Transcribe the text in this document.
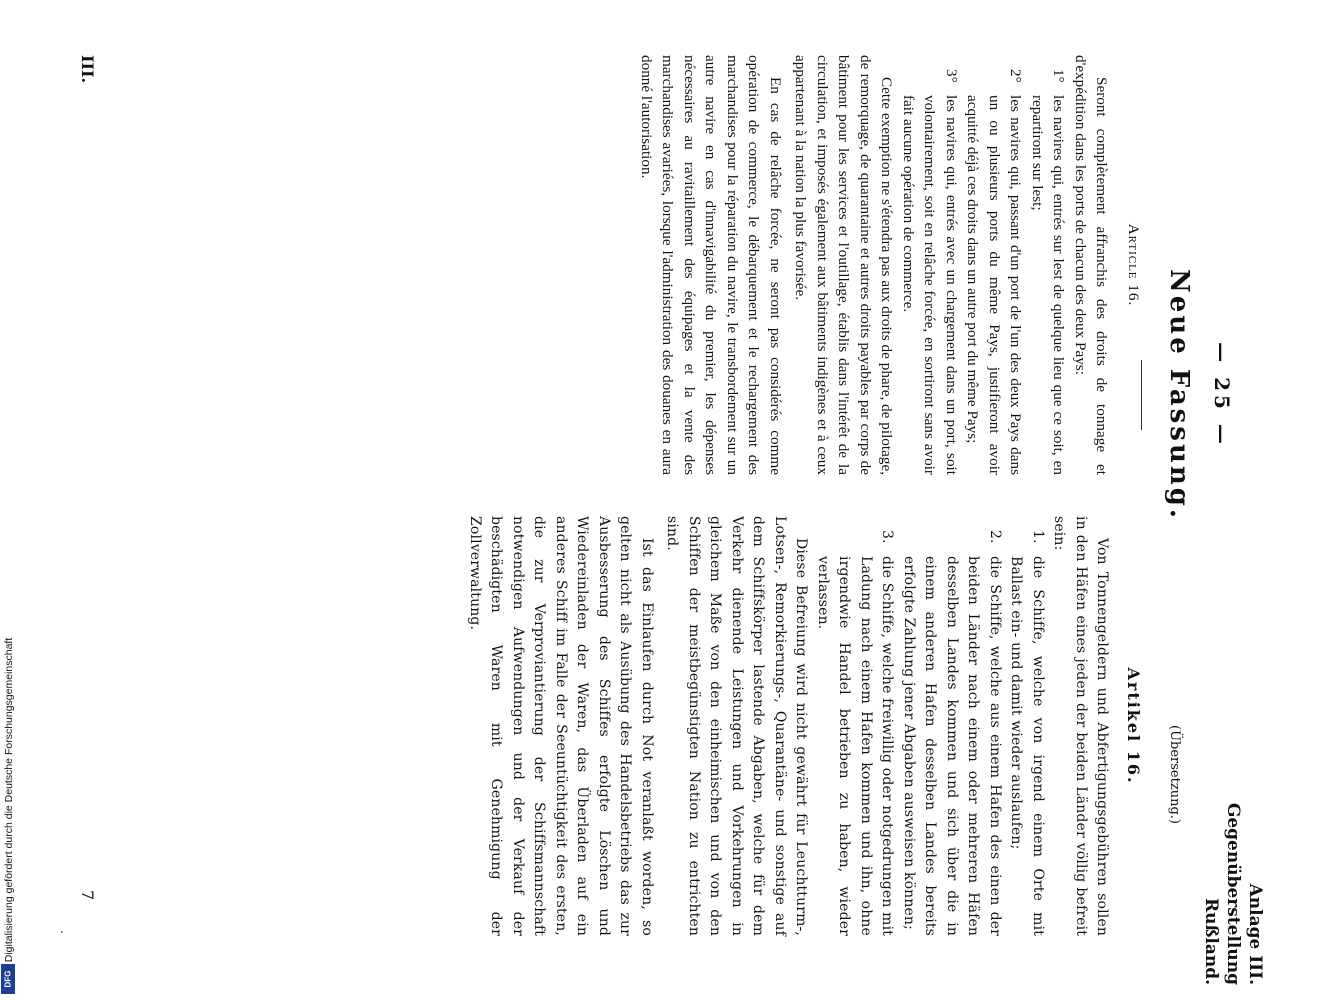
Anlage III.
Gegenüberstellung Rußland.
— 25 —
Neue Fassung.
(Übersetzung.)
Article 16.

Seront complètement affranchis des droits de tonnage et d'expédition dans les ports de chacun des deux Pays:

1°
les navires qui, entrés sur lest de quelque lieu que ce soit, en repartiront sur lest;
2°
les navires qui, passant d'un port de l'un des deux Pays dans un ou plusieurs ports du même Pays, justifieront avoir acquitté déjà ces droits dans un autre port du même Pays;
3°
les navires qui, entrés avec un chargement dans un port, soit volontairement, soit en relâche forcée, en sortiront sans avoir fait aucune opération de commerce.

Cette exemption ne s'étendra pas aux droits de phare, de pilotage, de remorquage, de quarantaine et autres droits payables par corps de bâtiment pour les services et l'outillage, établis dans l'intérêt de la circulation, et imposés également aux bâtiments indigènes et à ceux appartenant à la nation la plus favorisée.

En cas de relâche forcée, ne seront pas considérés comme opération de commerce, le débarquement et le rechargement des marchandises pour la réparation du navire, le transbordement sur un autre navire en cas d'innavigabilité du premier, les dépenses nécessaires au ravitaillement des équipages et la vente des marchandises avariées, lorsque l'administration des douanes en aura donné l'autorisation.

Artikel 16.

Von Tonnengeldern und Abfertigungsgebühren sollen in den Häfen eines jeden der beiden Länder völlig befreit sein:

1.
die Schiffe, welche von irgend einem Orte mit Ballast ein- und damit wieder auslaufen;
2.
die Schiffe, welche aus einem Hafen des einen der beiden Länder nach einem oder mehreren Häfen desselben Landes kommen und sich über die in einem anderen Hafen desselben Landes bereits erfolgte Zahlung jener Abgaben ausweisen können;
3.
die Schiffe, welche freiwillig oder notgedrungen mit Ladung nach einem Hafen kommen und ihn, ohne irgendwie Handel betrieben zu haben, wieder verlassen.

Diese Befreiung wird nicht gewährt für Leuchtturm-, Lotsen-, Remorkierungs-, Quarantäne- und sonstige auf dem Schiffskörper lastende Abgaben, welche für dem Verkehr dienende Leistungen und Vorkehrungen in gleichem Maße von den einheimischen und von den Schiffen der meistbegünstigten Nation zu entrichten sind.

Ist das Einlaufen durch Not veranlaßt worden, so gelten nicht als Ausübung des Handelsbetriebs das zur Ausbesserung des Schiffes erfolgte Löschen und Wiedereinladen der Waren, das Überladen auf ein anderes Schiff im Falle der Seeuntüchtigkeit des ersten, die zur Verproviantierung der Schiffsmannschaft notwendigen Aufwendungen und der Verkauf der beschädigten Waren mit Genehmigung der Zollverwaltung.

III.
7
.
Digitalisierung gefördert durch die Deutsche Forschungsgemeinschaft
DFG
